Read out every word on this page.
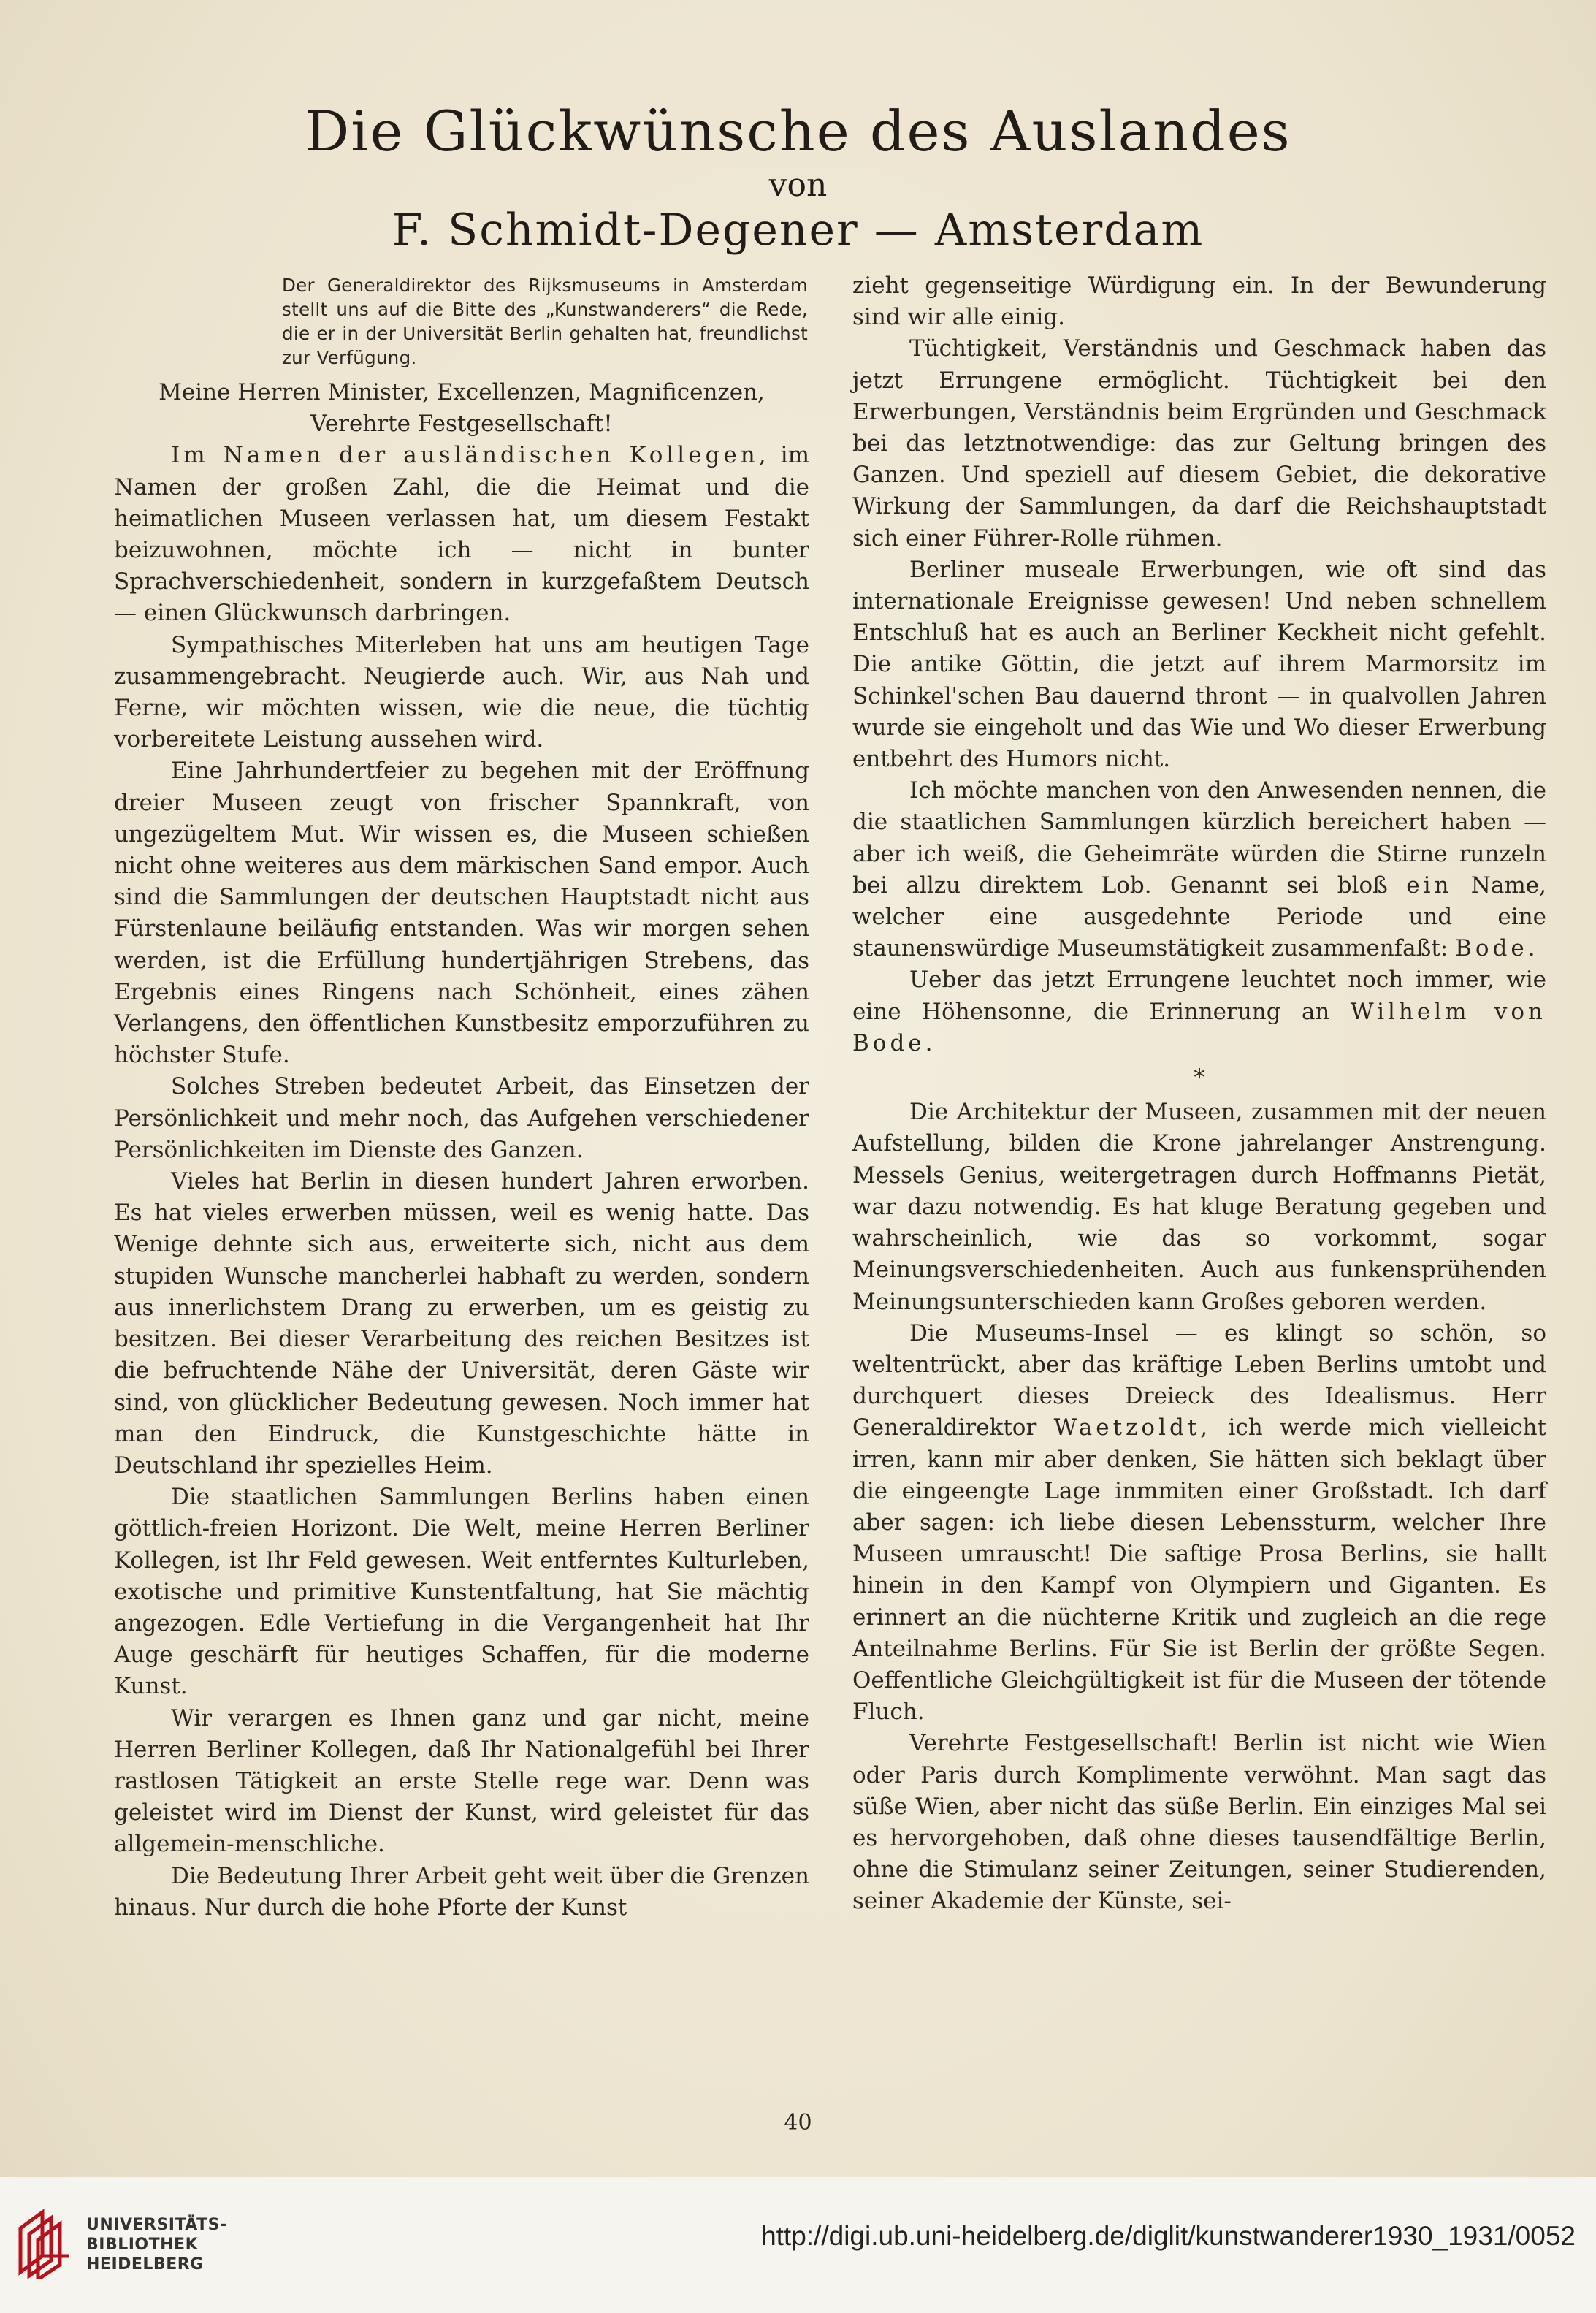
Die Glückwünsche des Auslandes
von
F. Schmidt-Degener — Amsterdam
Der Generaldirektor des Rijksmuseums in Amsterdam stellt uns auf die Bitte des „Kunstwanderers“ die Rede, die er in der Universität Berlin gehalten hat, freundlichst zur Verfügung.

Meine Herren Minister, Excellenzen, Magnificenzen,

Verehrte Festgesellschaft!

Im Namen der ausländischen Kollegen, im Namen der großen Zahl, die die Heimat und die heimatlichen Museen verlassen hat, um diesem Festakt beizuwohnen, möchte ich — nicht in bunter Sprachverschiedenheit, sondern in kurzgefaßtem Deutsch — einen Glückwunsch darbringen.

Sympathisches Miterleben hat uns am heutigen Tage zusammengebracht. Neugierde auch. Wir, aus Nah und Ferne, wir möchten wissen, wie die neue, die tüchtig vorbereitete Leistung aussehen wird.

Eine Jahrhundertfeier zu begehen mit der Eröffnung dreier Museen zeugt von frischer Spannkraft, von ungezügeltem Mut. Wir wissen es, die Museen schießen nicht ohne weiteres aus dem märkischen Sand empor. Auch sind die Sammlungen der deutschen Hauptstadt nicht aus Fürstenlaune beiläufig entstanden. Was wir morgen sehen werden, ist die Erfüllung hundertjährigen Strebens, das Ergebnis eines Ringens nach Schönheit, eines zähen Verlangens, den öffentlichen Kunstbesitz emporzuführen zu höchster Stufe.

Solches Streben bedeutet Arbeit, das Einsetzen der Persönlichkeit und mehr noch, das Aufgehen verschiedener Persönlichkeiten im Dienste des Ganzen.

Vieles hat Berlin in diesen hundert Jahren erworben. Es hat vieles erwerben müssen, weil es wenig hatte. Das Wenige dehnte sich aus, erweiterte sich, nicht aus dem stupiden Wunsche mancherlei habhaft zu werden, sondern aus innerlichstem Drang zu erwerben, um es geistig zu besitzen. Bei dieser Verarbeitung des reichen Besitzes ist die befruchtende Nähe der Universität, deren Gäste wir sind, von glücklicher Bedeutung gewesen. Noch immer hat man den Eindruck, die Kunstgeschichte hätte in Deutschland ihr spezielles Heim.

Die staatlichen Sammlungen Berlins haben einen göttlich-freien Horizont. Die Welt, meine Herren Berliner Kollegen, ist Ihr Feld gewesen. Weit entferntes Kulturleben, exotische und primitive Kunstentfaltung, hat Sie mächtig angezogen. Edle Vertiefung in die Vergangenheit hat Ihr Auge geschärft für heutiges Schaffen, für die moderne Kunst.

Wir verargen es Ihnen ganz und gar nicht, meine Herren Berliner Kollegen, daß Ihr Nationalgefühl bei Ihrer rastlosen Tätigkeit an erste Stelle rege war. Denn was geleistet wird im Dienst der Kunst, wird geleistet für das allgemein-menschliche.

Die Bedeutung Ihrer Arbeit geht weit über die Grenzen hinaus. Nur durch die hohe Pforte der Kunst

zieht gegenseitige Würdigung ein. In der Bewunderung sind wir alle einig.

Tüchtigkeit, Verständnis und Geschmack haben das jetzt Errungene ermöglicht. Tüchtigkeit bei den Erwerbungen, Verständnis beim Ergründen und Geschmack bei das letztnotwendige: das zur Geltung bringen des Ganzen. Und speziell auf diesem Gebiet, die dekorative Wirkung der Sammlungen, da darf die Reichshauptstadt sich einer Führer-Rolle rühmen.

Berliner museale Erwerbungen, wie oft sind das internationale Ereignisse gewesen! Und neben schnellem Entschluß hat es auch an Berliner Keckheit nicht gefehlt. Die antike Göttin, die jetzt auf ihrem Marmorsitz im Schinkel'schen Bau dauernd thront — in qualvollen Jahren wurde sie eingeholt und das Wie und Wo dieser Erwerbung entbehrt des Humors nicht.

Ich möchte manchen von den Anwesenden nennen, die die staatlichen Sammlungen kürzlich bereichert haben — aber ich weiß, die Geheimräte würden die Stirne runzeln bei allzu direktem Lob. Genannt sei bloß ein Name, welcher eine ausgedehnte Periode und eine staunenswürdige Museumstätigkeit zusammenfaßt: Bode.

Ueber das jetzt Errungene leuchtet noch immer, wie eine Höhensonne, die Erinnerung an Wilhelm von Bode.

*

Die Architektur der Museen, zusammen mit der neuen Aufstellung, bilden die Krone jahrelanger Anstrengung. Messels Genius, weitergetragen durch Hoffmanns Pietät, war dazu notwendig. Es hat kluge Beratung gegeben und wahrscheinlich, wie das so vorkommt, sogar Meinungsverschiedenheiten. Auch aus funkensprühenden Meinungsunterschieden kann Großes geboren werden.

Die Museums-Insel — es klingt so schön, so weltentrückt, aber das kräftige Leben Berlins umtobt und durchquert dieses Dreieck des Idealismus. Herr Generaldirektor Waetzoldt, ich werde mich vielleicht irren, kann mir aber denken, Sie hätten sich beklagt über die eingeengte Lage inmmiten einer Großstadt. Ich darf aber sagen: ich liebe diesen Lebenssturm, welcher Ihre Museen umrauscht! Die saftige Prosa Berlins, sie hallt hinein in den Kampf von Olympiern und Giganten. Es erinnert an die nüchterne Kritik und zugleich an die rege Anteilnahme Berlins. Für Sie ist Berlin der größte Segen. Oeffentliche Gleichgültigkeit ist für die Museen der tötende Fluch.

Verehrte Festgesellschaft! Berlin ist nicht wie Wien oder Paris durch Komplimente verwöhnt. Man sagt das süße Wien, aber nicht das süße Berlin. Ein einziges Mal sei es hervorgehoben, daß ohne dieses tausendfältige Berlin, ohne die Stimulanz seiner Zeitungen, seiner Studierenden, seiner Akademie der Künste, sei-

40
UNIVERSITÄTS-
BIBLIOTHEK
HEIDELBERG
http://digi.ub.uni-heidelberg.de/diglit/kunstwanderer1930_1931/0052
